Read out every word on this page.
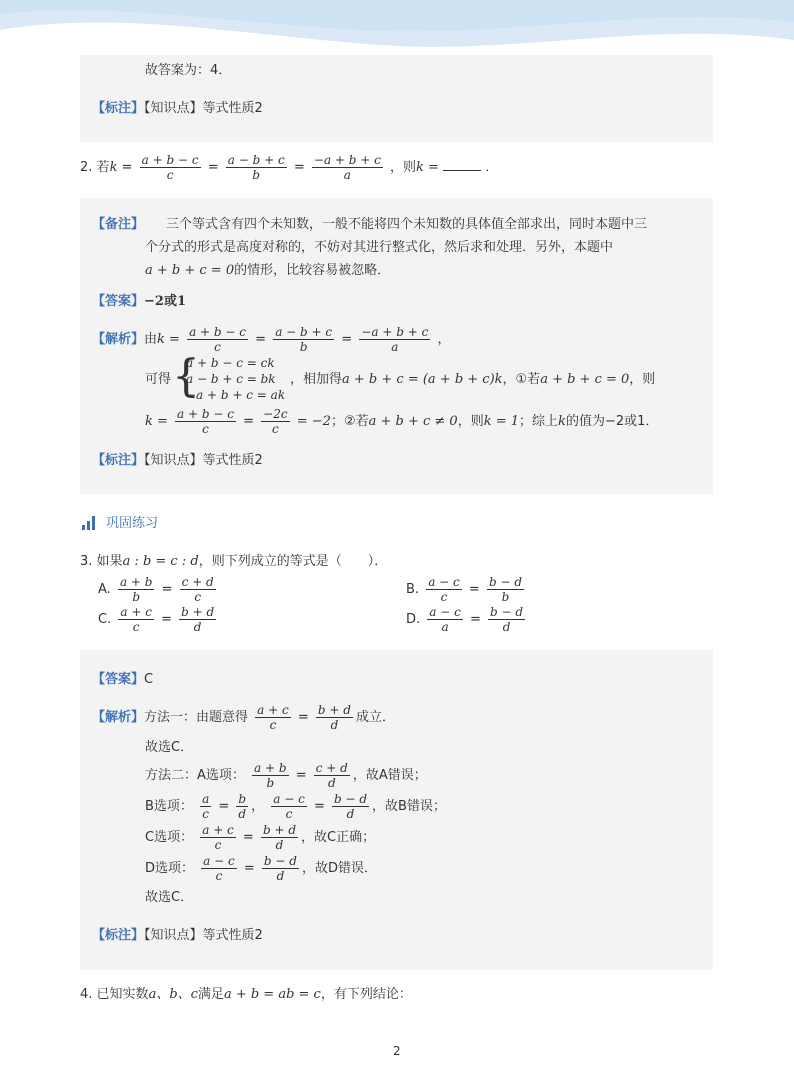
故答案为：4．
【标注】【知识点】等式性质2
2. 若$k = \frac{a + b - c}{c} = \frac{a - b + c}{b} = \frac{-a + b + c}{a}$ ，则k =	．
【备注】 三个等式含有四个未知数，一般不能将四个未知数的具体值全部求出，同时本题中三
个分式的形式是高度对称的，不妨对其进行整式化，然后求和处理．另外，本题中
a + b + c = 0的情形，比较容易被忽略．
【答案】−2或1
【解析】由$k = \frac{a + b - c}{c} = \frac{a - b + c}{b} = \frac{-a + b + c}{a}$ ，
可得 {
a + b − c = ck
a − b + c = bk
−a + b + c = ak
，相加得a + b + c = (a + b + c)k，①若a + b + c = 0，则
$k = \frac{a + b - c}{c} = \frac{-2c}{c} = -2$；②若a + b + c ≠ 0，则k = 1；综上k的值为−2或1．
【标注】【知识点】等式性质2
巩固练习
3. 如果a : b = c : d，则下列成立的等式是（　　）．
A. $\frac{a + b}{b} = \frac{c + d}{c}$	B. $\frac{a - c}{c} = \frac{b - d}{b}$
C. $\frac{a + c}{c} = \frac{b + d}{d}$	D. $\frac{a - c}{a} = \frac{b - d}{d}$
【答案】C
【解析】方法一：由题意得 $\frac{a + c}{c} = \frac{b + d}{d}$ 成立．
故选C．
方法二：A选项： $\frac{a + b}{b} = \frac{c + d}{d}$ ，故A错误；
B选项： $\frac{a}{c} = \frac{b}{d}$ ， $\frac{a - c}{c} = \frac{b - d}{d}$ ，故B错误；
C选项： $\frac{a + c}{c} = \frac{b + d}{d}$ ，故C正确；
D选项： $\frac{a - c}{c} = \frac{b - d}{d}$ ，故D错误．
故选C．
【标注】【知识点】等式性质2
4. 已知实数a、b、c满足a + b = ab = c，有下列结论：
2
